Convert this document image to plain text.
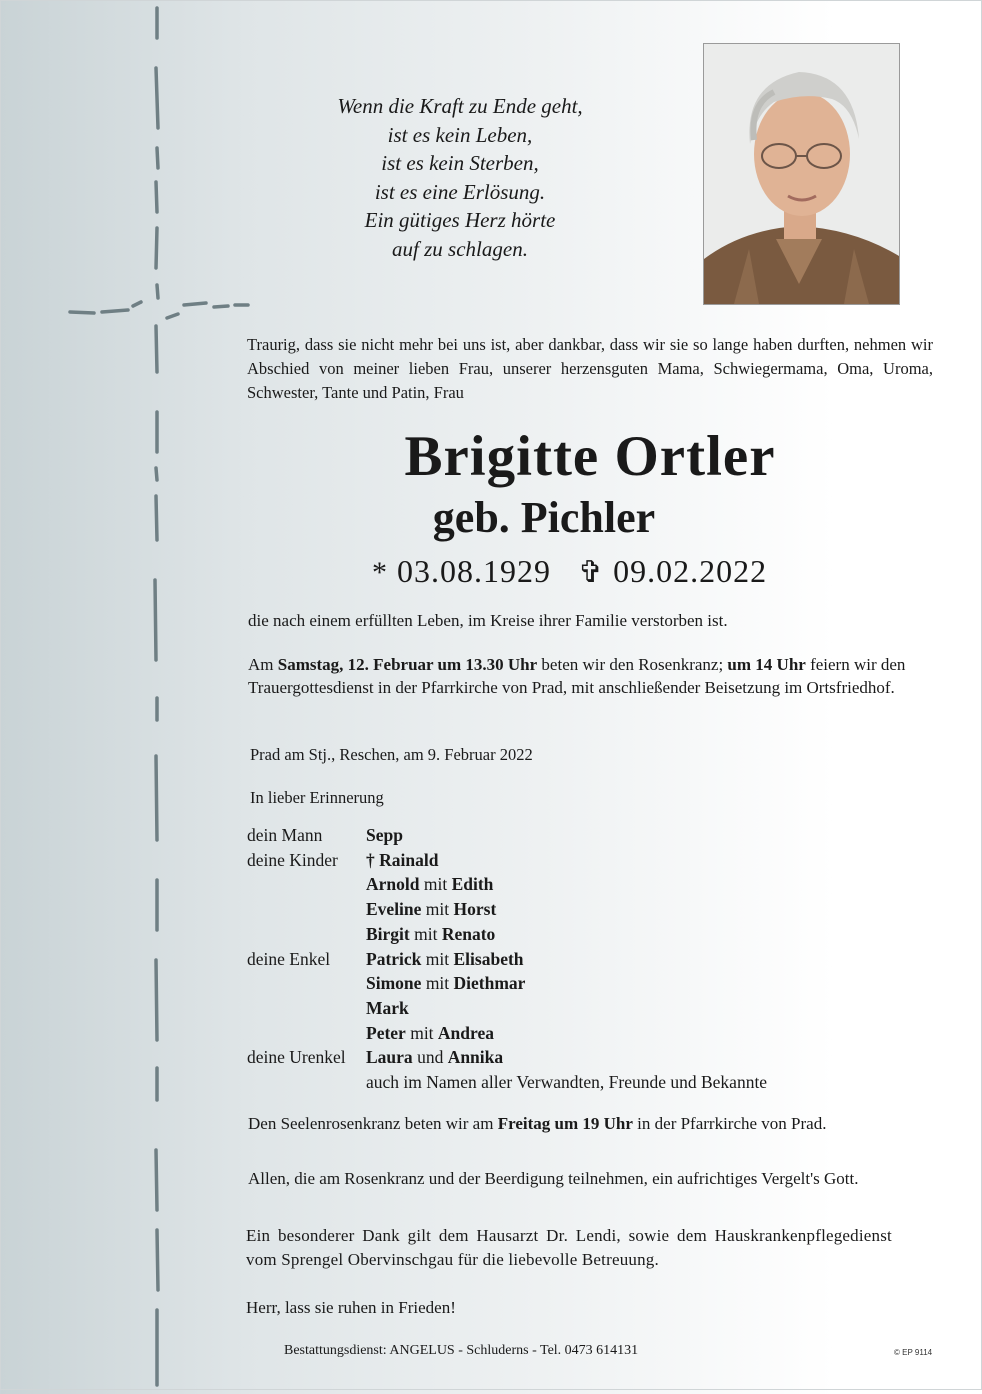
Wenn die Kraft zu Ende geht,
ist es kein Leben,
ist es kein Sterben,
ist es eine Erlösung.
Ein gütiges Herz hörte
auf zu schlagen.
Traurig, dass sie nicht mehr bei uns ist, aber dankbar, dass wir sie so lange haben durften, nehmen wir Abschied von meiner lieben Frau, unserer herzensguten Mama, Schwiegermama, Oma, Uroma, Schwester, Tante und Patin, Frau
Brigitte Ortler
geb. Pichler
* 03.08.1929 ✞ 09.02.2022
die nach einem erfüllten Leben, im Kreise ihrer Familie verstorben ist.
Am Samstag, 12. Februar um 13.30 Uhr beten wir den Rosenkranz; um 14 Uhr feiern wir den Trauergottesdienst in der Pfarrkirche von Prad, mit anschließender Beisetzung im Ortsfriedhof.
Prad am Stj., Reschen, am 9. Februar 2022
In lieber Erinnerung
dein Mann	Sepp
deine Kinder	† Rainald
Arnold mit Edith
Eveline mit Horst
Birgit mit Renato
deine Enkel	Patrick mit Elisabeth
Simone mit Diethmar
Mark
Peter mit Andrea
deine Urenkel	Laura und Annika
auch im Namen aller Verwandten, Freunde und Bekannte
Den Seelenrosenkranz beten wir am Freitag um 19 Uhr in der Pfarrkirche von Prad.
Allen, die am Rosenkranz und der Beerdigung teilnehmen, ein aufrichtiges Vergelt's Gott.
Ein besonderer Dank gilt dem Hausarzt Dr. Lendi, sowie dem Hauskrankenpflegedienst vom Sprengel Obervinschgau für die liebevolle Betreuung.
Herr, lass sie ruhen in Frieden!
Bestattungsdienst: ANGELUS - Schluderns - Tel. 0473 614131	© EP 9114
